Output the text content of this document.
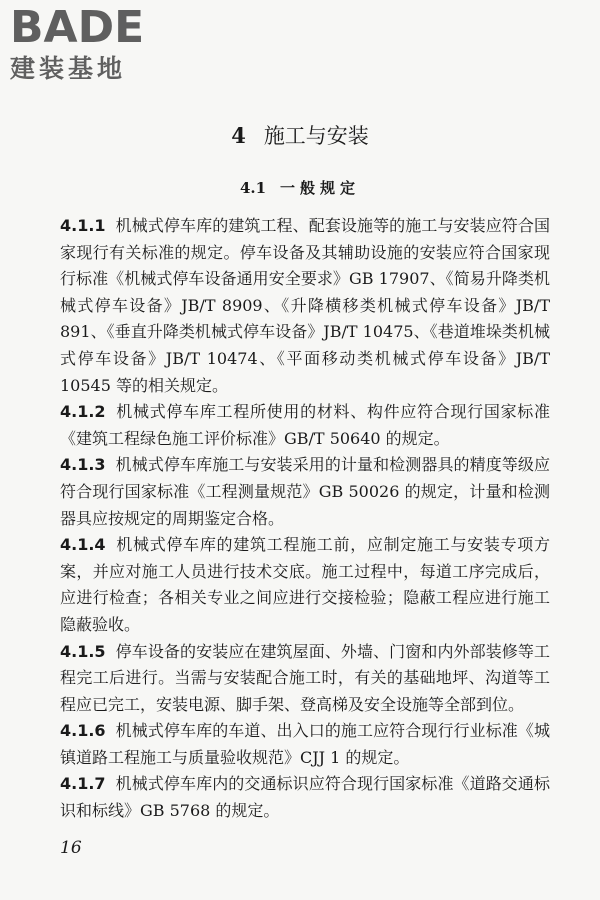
BADE
建装基地
4 施工与安装
4.1 一般规定

4.1.1 机械式停车库的建筑工程、配套设施等的施工与安装应符合国家现行有关标准的规定。停车设备及其辅助设施的安装应符合国家现行标准《机械式停车设备通用安全要求》GB 17907、《简易升降类机械式停车设备》JB/T 8909、《升降横移类机械式停车设备》JB/T 891、《垂直升降类机械式停车设备》JB/T 10475、《巷道堆垛类机械式停车设备》JB/T 10474、《平面移动类机械式停车设备》JB/T 10545 等的相关规定。

4.1.2 机械式停车库工程所使用的材料、构件应符合现行国家标准《建筑工程绿色施工评价标准》GB/T 50640 的规定。

4.1.3 机械式停车库施工与安装采用的计量和检测器具的精度等级应符合现行国家标准《工程测量规范》GB 50026 的规定，计量和检测器具应按规定的周期鉴定合格。

4.1.4 机械式停车库的建筑工程施工前，应制定施工与安装专项方案，并应对施工人员进行技术交底。施工过程中，每道工序完成后，应进行检查；各相关专业之间应进行交接检验；隐蔽工程应进行施工隐蔽验收。

4.1.5 停车设备的安装应在建筑屋面、外墙、门窗和内外部装修等工程完工后进行。当需与安装配合施工时，有关的基础地坪、沟道等工程应已完工，安装电源、脚手架、登高梯及安全设施等全部到位。

4.1.6 机械式停车库的车道、出入口的施工应符合现行行业标准《城镇道路工程施工与质量验收规范》CJJ 1 的规定。

4.1.7 机械式停车库内的交通标识应符合现行国家标准《道路交通标识和标线》GB 5768 的规定。

16
